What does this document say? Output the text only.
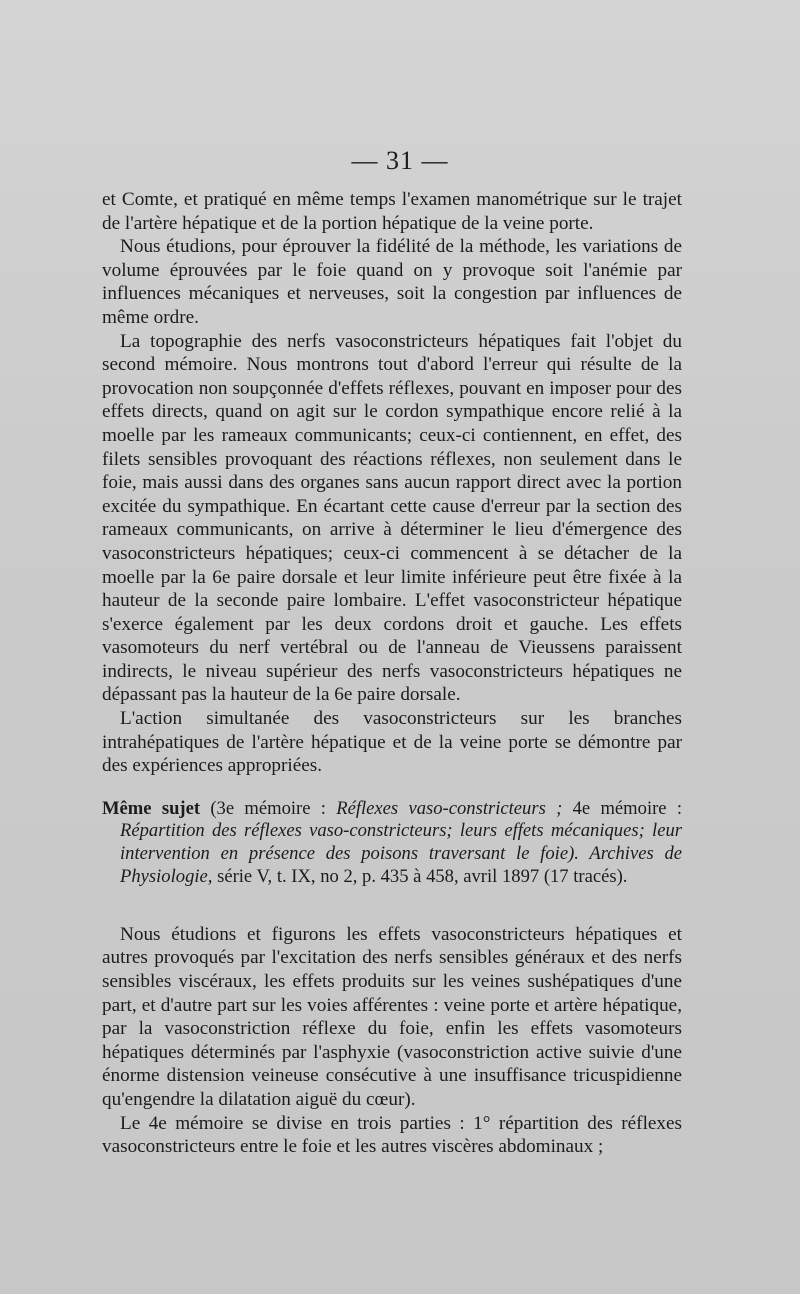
— 31 —

et Comte, et pratiqué en même temps l'examen manométrique sur le trajet de l'artère hépatique et de la portion hépatique de la veine porte.

Nous étudions, pour éprouver la fidélité de la méthode, les variations de volume éprouvées par le foie quand on y provoque soit l'anémie par influences mécaniques et nerveuses, soit la congestion par influences de même ordre.

La topographie des nerfs vasoconstricteurs hépatiques fait l'objet du second mémoire. Nous montrons tout d'abord l'erreur qui résulte de la provocation non soupçonnée d'effets réflexes, pouvant en imposer pour des effets directs, quand on agit sur le cordon sympathique encore relié à la moelle par les rameaux communicants; ceux-ci contiennent, en effet, des filets sensibles provoquant des réactions réflexes, non seulement dans le foie, mais aussi dans des organes sans aucun rapport direct avec la portion excitée du sympathique. En écartant cette cause d'erreur par la section des rameaux communicants, on arrive à déterminer le lieu d'émergence des vasoconstricteurs hépatiques; ceux-ci commencent à se détacher de la moelle par la 6e paire dorsale et leur limite inférieure peut être fixée à la hauteur de la seconde paire lombaire. L'effet vasoconstricteur hépatique s'exerce également par les deux cordons droit et gauche. Les effets vasomoteurs du nerf vertébral ou de l'anneau de Vieussens paraissent indirects, le niveau supérieur des nerfs vasoconstricteurs hépatiques ne dépassant pas la hauteur de la 6e paire dorsale.

L'action simultanée des vasoconstricteurs sur les branches intrahépatiques de l'artère hépatique et de la veine porte se démontre par des expériences appropriées.

Même sujet (3e mémoire : Réflexes vaso-constricteurs ; 4e mémoire : Répartition des réflexes vaso-constricteurs; leurs effets mécaniques; leur intervention en présence des poisons traversant le foie). Archives de Physiologie, série V, t. IX, no 2, p. 435 à 458, avril 1897 (17 tracés).

Nous étudions et figurons les effets vasoconstricteurs hépatiques et autres provoqués par l'excitation des nerfs sensibles généraux et des nerfs sensibles viscéraux, les effets produits sur les veines sushépatiques d'une part, et d'autre part sur les voies afférentes : veine porte et artère hépatique, par la vasoconstriction réflexe du foie, enfin les effets vasomoteurs hépatiques déterminés par l'asphyxie (vasoconstriction active suivie d'une énorme distension veineuse consécutive à une insuffisance tricuspidienne qu'engendre la dilatation aiguë du cœur).

Le 4e mémoire se divise en trois parties : 1° répartition des réflexes vasoconstricteurs entre le foie et les autres viscères abdominaux ;
